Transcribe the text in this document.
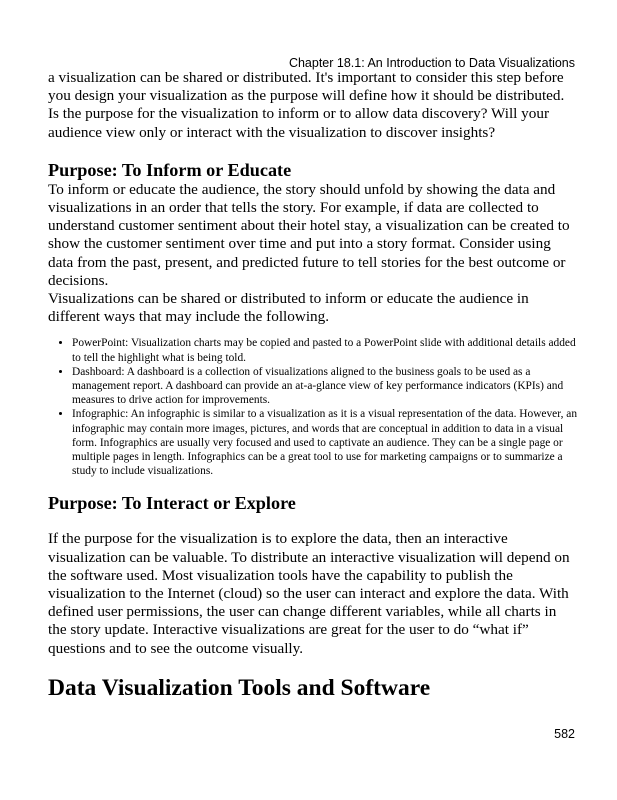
Chapter 18.1: An Introduction to Data Visualizations

a visualization can be shared or distributed. It's important to consider this step before you design your visualization as the purpose will define how it should be distributed. Is the purpose for the visualization to inform or to allow data discovery? Will your audience view only or interact with the visualization to discover insights?

Purpose: To Inform or Educate

To inform or educate the audience, the story should unfold by showing the data and visualizations in an order that tells the story. For example, if data are collected to understand customer sentiment about their hotel stay, a visualization can be created to show the customer sentiment over time and put into a story format. Consider using data from the past, present, and predicted future to tell stories for the best outcome or decisions.

Visualizations can be shared or distributed to inform or educate the audience in different ways that may include the following.

• PowerPoint: Visualization charts may be copied and pasted to a PowerPoint slide with additional details added to tell the highlight what is being told.
• Dashboard: A dashboard is a collection of visualizations aligned to the business goals to be used as a management report. A dashboard can provide an at-a-glance view of key performance indicators (KPIs) and measures to drive action for improvements.
• Infographic: An infographic is similar to a visualization as it is a visual representation of the data. However, an infographic may contain more images, pictures, and words that are conceptual in addition to data in a visual form. Infographics are usually very focused and used to captivate an audience. They can be a single page or multiple pages in length. Infographics can be a great tool to use for marketing campaigns or to summarize a study to include visualizations.
Purpose: To Interact or Explore

If the purpose for the visualization is to explore the data, then an interactive visualization can be valuable. To distribute an interactive visualization will depend on the software used. Most visualization tools have the capability to publish the visualization to the Internet (cloud) so the user can interact and explore the data. With defined user permissions, the user can change different variables, while all charts in the story update. Interactive visualizations are great for the user to do “what if” questions and to see the outcome visually.

Data Visualization Tools and Software
582
